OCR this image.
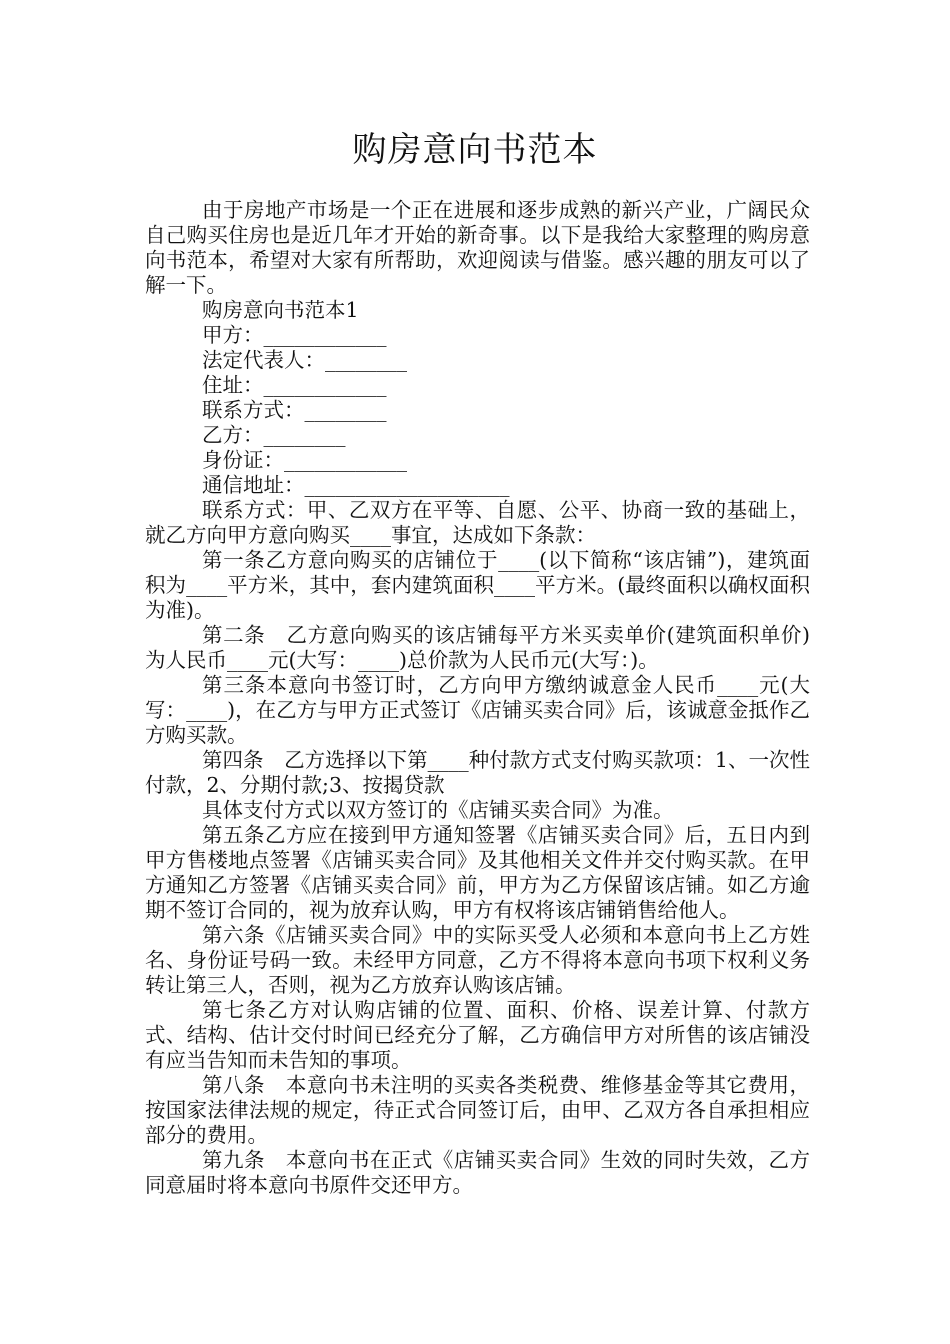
购房意向书范本

由于房地产市场是一个正在进展和逐步成熟的新兴产业，广阔民众自己购买住房也是近几年才开始的新奇事。以下是我给大家整理的购房意向书范本，希望对大家有所帮助，欢迎阅读与借鉴。感兴趣的朋友可以了解一下。

购房意向书范本1

甲方：____________

法定代表人：________

住址：____________

联系方式：________

乙方：________

身份证：____________

通信地址：____________________

联系方式：甲、乙双方在平等、自愿、公平、协商一致的基础上，就乙方向甲方意向购买____事宜，达成如下条款：

第一条乙方意向购买的店铺位于____(以下简称“该店铺”)，建筑面积为____平方米，其中，套内建筑面积____平方米。(最终面积以确权面积为准)。

第二条　乙方意向购买的该店铺每平方米买卖单价(建筑面积单价)为人民币____元(大写：____)总价款为人民币元(大写：)。

第三条本意向书签订时，乙方向甲方缴纳诚意金人民币____元(大写：____)，在乙方与甲方正式签订《店铺买卖合同》后，该诚意金抵作乙方购买款。

第四条　乙方选择以下第____种付款方式支付购买款项：1、一次性付款，2、分期付款;3、按揭贷款

具体支付方式以双方签订的《店铺买卖合同》为准。

第五条乙方应在接到甲方通知签署《店铺买卖合同》后，五日内到甲方售楼地点签署《店铺买卖合同》及其他相关文件并交付购买款。在甲方通知乙方签署《店铺买卖合同》前，甲方为乙方保留该店铺。如乙方逾期不签订合同的，视为放弃认购，甲方有权将该店铺销售给他人。

第六条《店铺买卖合同》中的实际买受人必须和本意向书上乙方姓名、身份证号码一致。未经甲方同意，乙方不得将本意向书项下权利义务转让第三人，否则，视为乙方放弃认购该店铺。

第七条乙方对认购店铺的位置、面积、价格、误差计算、付款方式、结构、估计交付时间已经充分了解，乙方确信甲方对所售的该店铺没有应当告知而未告知的事项。

第八条　本意向书未注明的买卖各类税费、维修基金等其它费用，按国家法律法规的规定，待正式合同签订后，由甲、乙双方各自承担相应部分的费用。

第九条　本意向书在正式《店铺买卖合同》生效的同时失效，乙方同意届时将本意向书原件交还甲方。
